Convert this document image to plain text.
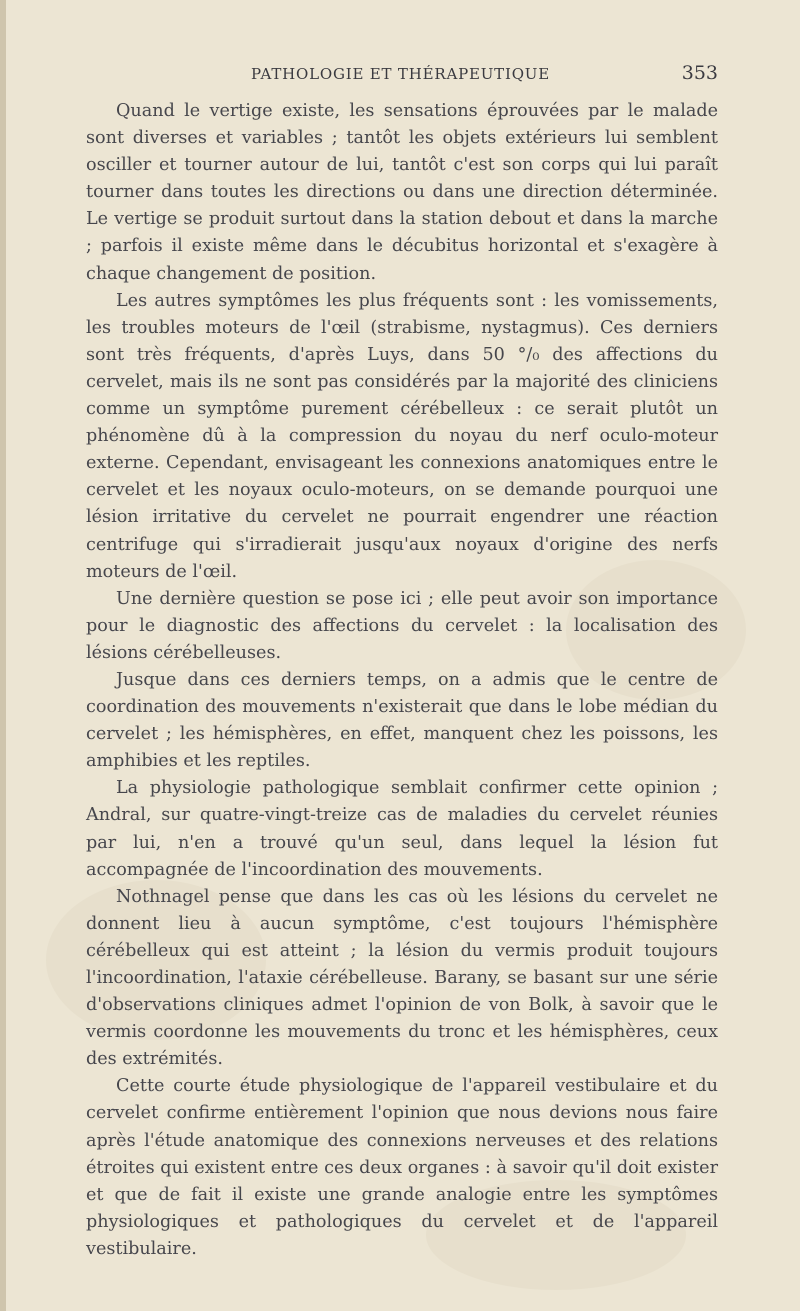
PATHOLOGIE ET THÉRAPEUTIQUE	353

Quand le vertige existe, les sensations éprouvées par le malade sont diverses et variables ; tantôt les objets extérieurs lui semblent osciller et tourner autour de lui, tantôt c'est son corps qui lui paraît tourner dans toutes les directions ou dans une direction déterminée. Le vertige se produit surtout dans la station debout et dans la marche ; parfois il existe même dans le décubitus horizontal et s'exagère à chaque changement de position.

Les autres symptômes les plus fréquents sont : les vomissements, les troubles moteurs de l'œil (strabisme, nystagmus). Ces derniers sont très fréquents, d'après Luys, dans 50 °/₀ des affections du cervelet, mais ils ne sont pas considérés par la majorité des cliniciens comme un symptôme purement cérébelleux : ce serait plutôt un phénomène dû à la compression du noyau du nerf oculo-moteur externe. Cependant, envisageant les connexions anatomiques entre le cervelet et les noyaux oculo-moteurs, on se demande pourquoi une lésion irritative du cervelet ne pourrait engendrer une réaction centrifuge qui s'irradierait jusqu'aux noyaux d'origine des nerfs moteurs de l'œil.

Une dernière question se pose ici ; elle peut avoir son importance pour le diagnostic des affections du cervelet : la localisation des lésions cérébelleuses.

Jusque dans ces derniers temps, on a admis que le centre de coordination des mouvements n'existerait que dans le lobe médian du cervelet ; les hémisphères, en effet, manquent chez les poissons, les amphibies et les reptiles.

La physiologie pathologique semblait confirmer cette opinion ; Andral, sur quatre-vingt-treize cas de maladies du cervelet réunies par lui, n'en a trouvé qu'un seul, dans lequel la lésion fut accompagnée de l'incoordination des mouvements.

Nothnagel pense que dans les cas où les lésions du cervelet ne donnent lieu à aucun symptôme, c'est toujours l'hémisphère cérébelleux qui est atteint ; la lésion du vermis produit toujours l'incoordination, l'ataxie cérébelleuse. Barany, se basant sur une série d'observations cliniques admet l'opinion de von Bolk, à savoir que le vermis coordonne les mouvements du tronc et les hémisphères, ceux des extrémités.

Cette courte étude physiologique de l'appareil vestibulaire et du cervelet confirme entièrement l'opinion que nous devions nous faire après l'étude anatomique des connexions nerveuses et des relations étroites qui existent entre ces deux organes : à savoir qu'il doit exister et que de fait il existe une grande analogie entre les symptômes physiologiques et pathologiques du cervelet et de l'appareil vestibulaire.
